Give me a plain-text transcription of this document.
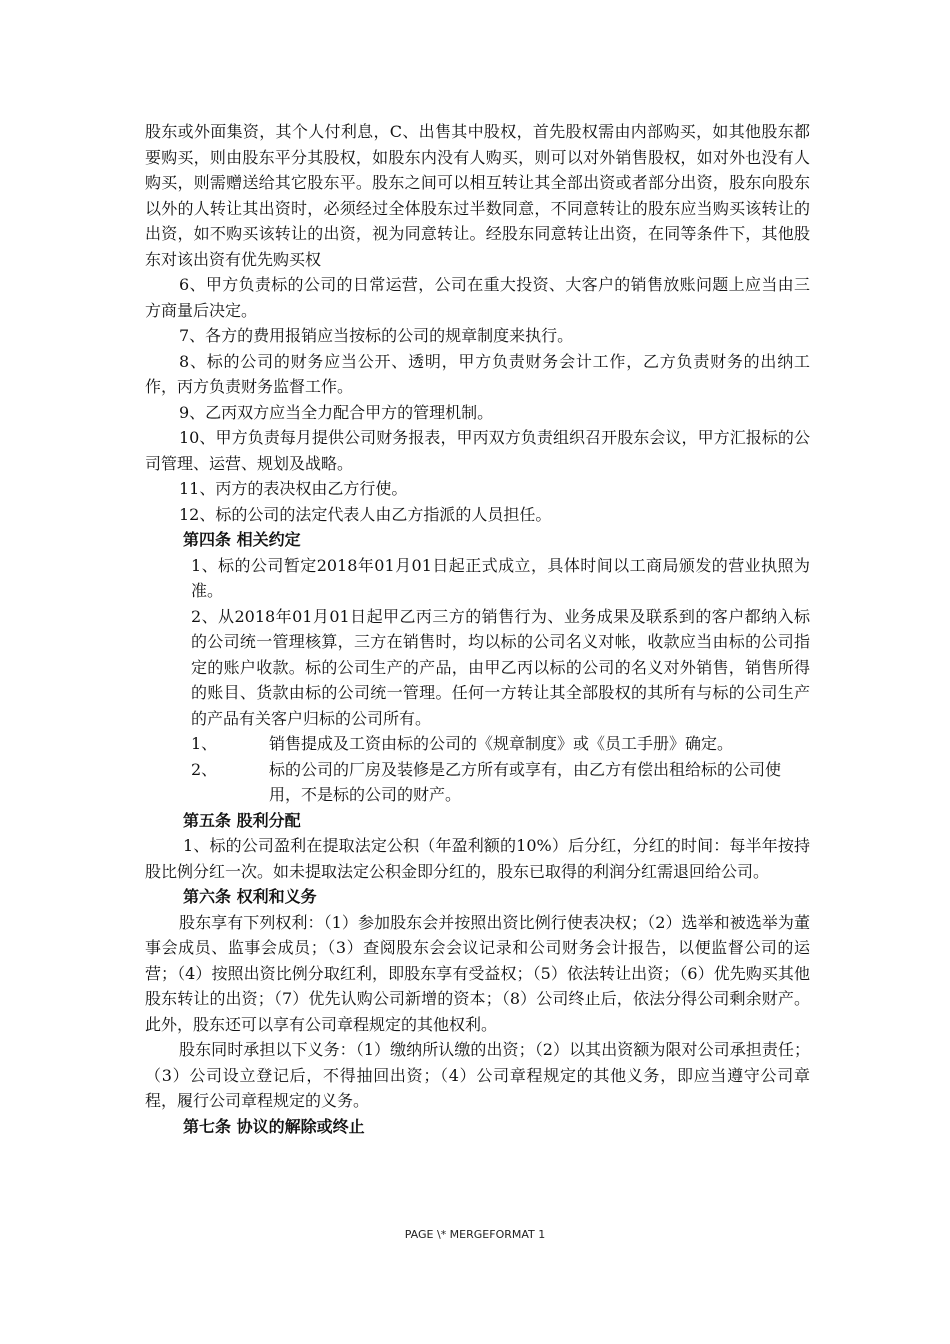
股东或外面集资，其个人付利息，C、出售其中股权，首先股权需由内部购买，如其他股东都要购买，则由股东平分其股权，如股东内没有人购买，则可以对外销售股权，如对外也没有人购买，则需赠送给其它股东平。股东之间可以相互转让其全部出资或者部分出资，股东向股东以外的人转让其出资时，必须经过全体股东过半数同意，不同意转让的股东应当购买该转让的出资，如不购买该转让的出资，视为同意转让。经股东同意转让出资，在同等条件下，其他股东对该出资有优先购买权

6、甲方负责标的公司的日常运营，公司在重大投资、大客户的销售放账问题上应当由三方商量后决定。

7、各方的费用报销应当按标的公司的规章制度来执行。

8、标的公司的财务应当公开、透明，甲方负责财务会计工作，乙方负责财务的出纳工作，丙方负责财务监督工作。

9、乙丙双方应当全力配合甲方的管理机制。

10、甲方负责每月提供公司财务报表，甲丙双方负责组织召开股东会议，甲方汇报标的公司管理、运营、规划及战略。

11、丙方的表决权由乙方行使。

12、标的公司的法定代表人由乙方指派的人员担任。

第四条 相关约定

1、标的公司暂定2018年01月01日起正式成立，具体时间以工商局颁发的营业执照为准。

2、从2018年01月01日起甲乙丙三方的销售行为、业务成果及联系到的客户都纳入标的公司统一管理核算，三方在销售时，均以标的公司名义对帐，收款应当由标的公司指定的账户收款。标的公司生产的产品，由甲乙丙以标的公司的名义对外销售，销售所得的账目、货款由标的公司统一管理。任何一方转让其全部股权的其所有与标的公司生产的产品有关客户归标的公司所有。

1、	销售提成及工资由标的公司的《规章制度》或《员工手册》确定。
2、	标的公司的厂房及装修是乙方所有或享有，由乙方有偿出租给标的公司使用，不是标的公司的财产。

第五条 股利分配

1、标的公司盈利在提取法定公积（年盈利额的10%）后分红，分红的时间：每半年按持股比例分红一次。如未提取法定公积金即分红的，股东已取得的利润分红需退回给公司。

第六条 权利和义务

股东享有下列权利：（1）参加股东会并按照出资比例行使表决权；（2）选举和被选举为董事会成员、监事会成员；（3）查阅股东会会议记录和公司财务会计报告，以便监督公司的运营；（4）按照出资比例分取红利，即股东享有受益权；（5）依法转让出资；（6）优先购买其他股东转让的出资；（7）优先认购公司新增的资本；（8）公司终止后，依法分得公司剩余财产。此外，股东还可以享有公司章程规定的其他权利。

股东同时承担以下义务：（1）缴纳所认缴的出资；（2）以其出资额为限对公司承担责任；（3）公司设立登记后，不得抽回出资；（4）公司章程规定的其他义务，即应当遵守公司章程，履行公司章程规定的义务。

第七条 协议的解除或终止

PAGE \* MERGEFORMAT 1
